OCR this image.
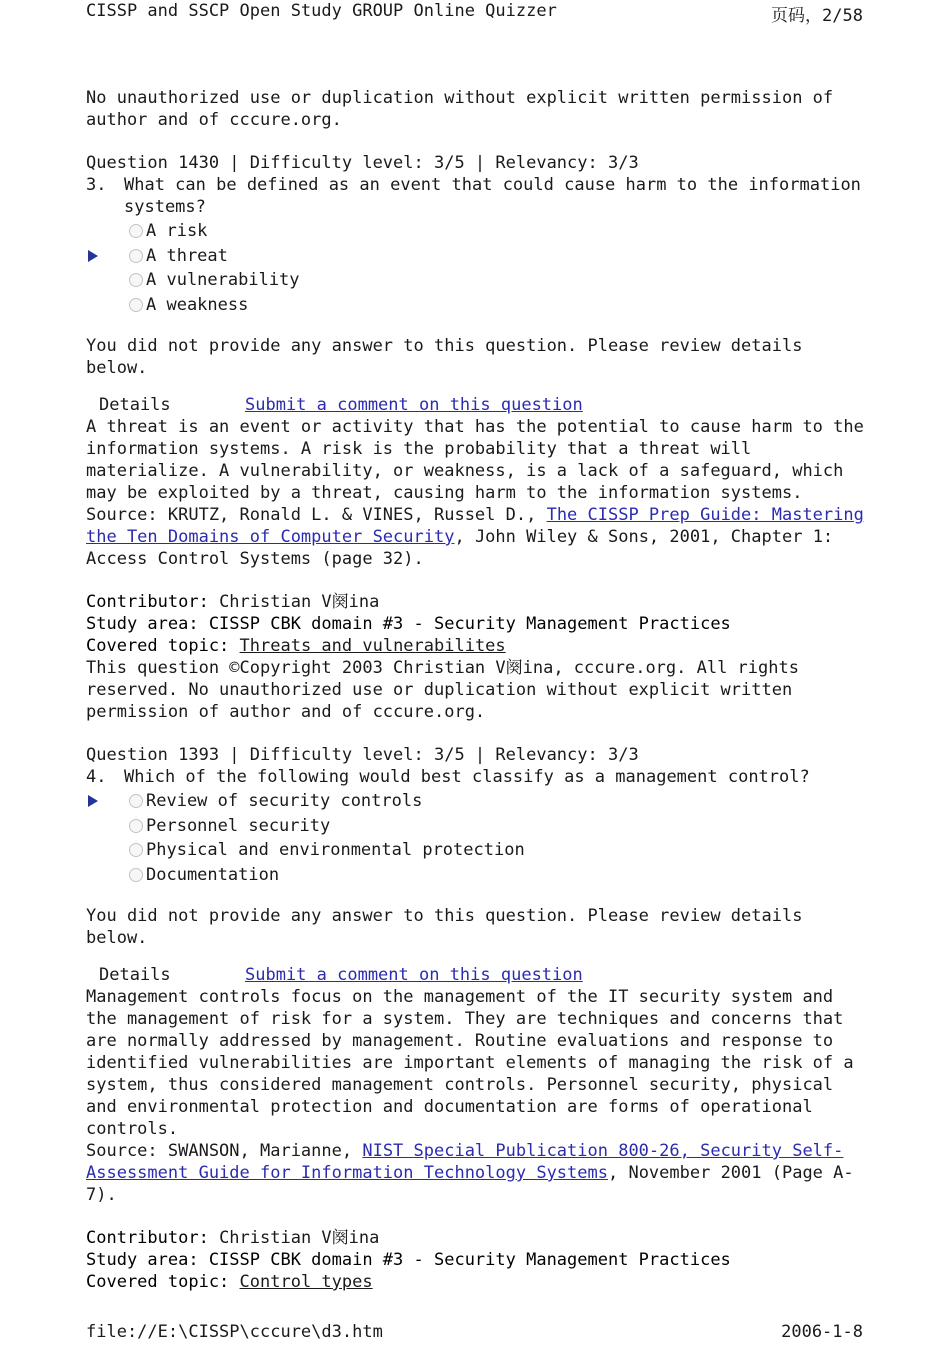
CISSP and SSCP Open Study GROUP Online Quizzer	页码，2/58

No unauthorized use or duplication without explicit written permission of author and of cccure.org.

Question 1430 | Difficulty level: 3/5 | Relevancy: 3/3
3.	What can be defined as an event that could cause harm to the information systems?
A risk
A threat
A vulnerability
A weakness

You did not provide any answer to this question. Please review details below.

Details	Submit a comment on this question

A threat is an event or activity that has the potential to cause harm to the information systems. A risk is the probability that a threat will materialize. A vulnerability, or weakness, is a lack of a safeguard, which may be exploited by a threat, causing harm to the information systems.

Source: KRUTZ, Ronald L. & VINES, Russel D., The CISSP Prep Guide: Mastering the Ten Domains of Computer Security, John Wiley & Sons, 2001, Chapter 1: Access Control Systems (page 32).

Contributor: Christian V阕ina

Study area: CISSP CBK domain #3 - Security Management Practices

Covered topic: Threats and vulnerabilites

This question ©Copyright 2003 Christian V阕ina, cccure.org. All rights reserved. No unauthorized use or duplication without explicit written permission of author and of cccure.org.

Question 1393 | Difficulty level: 3/5 | Relevancy: 3/3
4.	Which of the following would best classify as a management control?
Review of security controls
Personnel security
Physical and environmental protection
Documentation

You did not provide any answer to this question. Please review details below.

Details	Submit a comment on this question

Management controls focus on the management of the IT security system and the management of risk for a system. They are techniques and concerns that are normally addressed by management. Routine evaluations and response to identified vulnerabilities are important elements of managing the risk of a system, thus considered management controls. Personnel security, physical and environmental protection and documentation are forms of operational controls.

Source: SWANSON, Marianne, NIST Special Publication 800-26, Security Self-Assessment Guide for Information Technology Systems, November 2001 (Page A-7).

Contributor: Christian V阕ina

Study area: CISSP CBK domain #3 - Security Management Practices

Covered topic: Control types

file://E:\CISSP\cccure\d3.htm	2006-1-8
